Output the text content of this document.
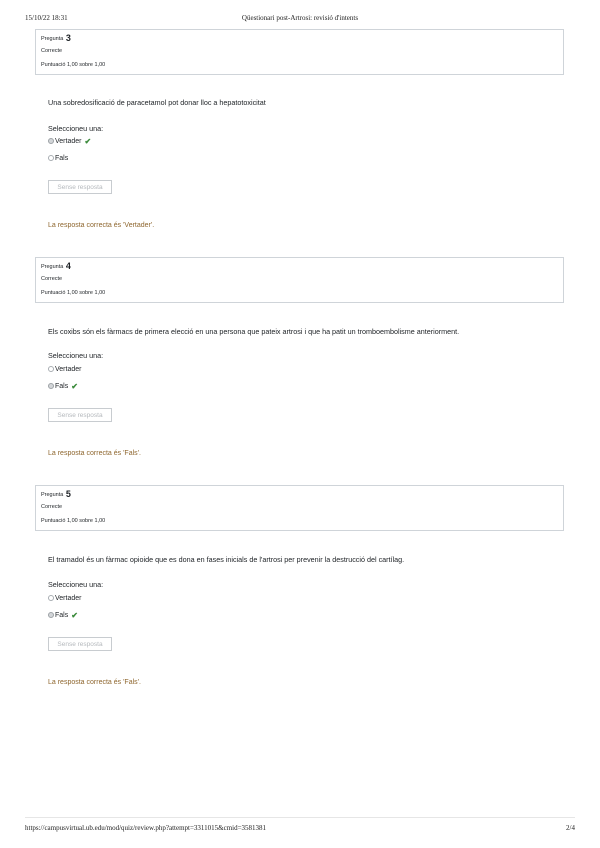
15/10/22 18:31	Qüestionari post-Artrosi: revisió d'intents
Pregunta 3
Correcte
Puntuació 1,00 sobre 1,00
Una sobredosificació de paracetamol pot donar lloc a hepatotoxicitat
Seleccioneu una:
Vertader ✔
Fals
Sense resposta
La resposta correcta és 'Vertader'.
Pregunta 4
Correcte
Puntuació 1,00 sobre 1,00
Els coxibs són els fàrmacs de primera elecció en una persona que pateix artrosi i que ha patit un tromboembolisme anteriorment.
Seleccioneu una:
Vertader
Fals ✔
Sense resposta
La resposta correcta és 'Fals'.
Pregunta 5
Correcte
Puntuació 1,00 sobre 1,00
El tramadol és un fàrmac opioide que es dona en fases inicials de l'artrosi per prevenir la destrucció del cartílag.
Seleccioneu una:
Vertader
Fals ✔
Sense resposta
La resposta correcta és 'Fals'.
https://campusvirtual.ub.edu/mod/quiz/review.php?attempt=3311015&cmid=3581381	2/4
